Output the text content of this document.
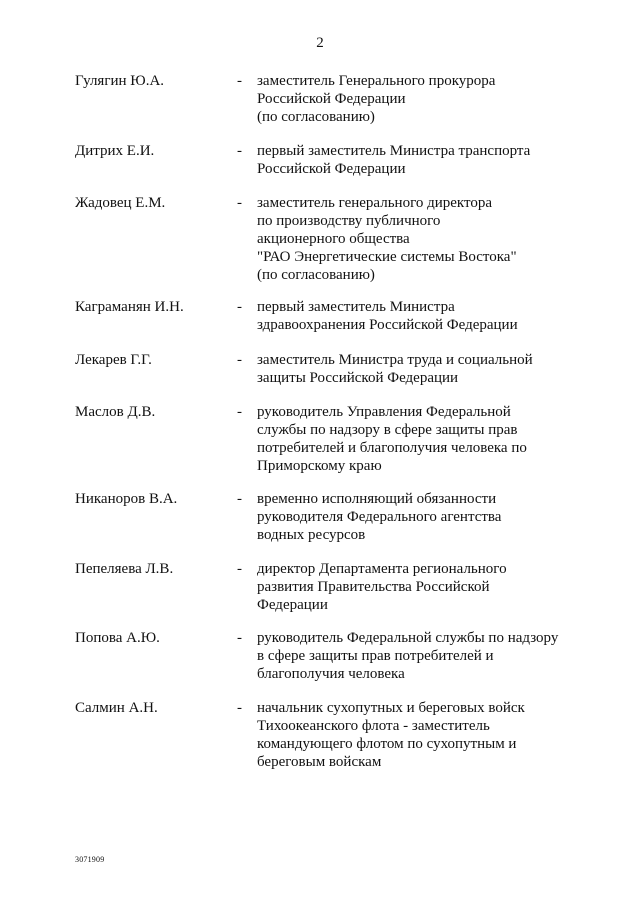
2
Гулягин Ю.А.	- заместитель Генерального прокурора
Российской Федерации
(по согласованию)
Дитрих Е.И.	- первый заместитель Министра транспорта
Российской Федерации
Жадовец Е.М.	- заместитель генерального директора
по производству публичного
акционерного общества
"РАО Энергетические системы Востока"
(по согласованию)
Каграманян И.Н.	- первый заместитель Министра
здравоохранения Российской Федерации
Лекарев Г.Г.	- заместитель Министра труда и социальной
защиты Российской Федерации
Маслов Д.В.	- руководитель Управления Федеральной
службы по надзору в сфере защиты прав
потребителей и благополучия человека по
Приморскому краю
Никаноров В.А.	- временно исполняющий обязанности
руководителя Федерального агентства
водных ресурсов
Пепеляева Л.В.	- директор Департамента регионального
развития Правительства Российской
Федерации
Попова А.Ю.	- руководитель Федеральной службы по надзору
в сфере защиты прав потребителей и
благополучия человека
Салмин А.Н.	- начальник сухопутных и береговых войск
Тихоокеанского флота - заместитель
командующего флотом по сухопутным и
береговым войскам
3071909
